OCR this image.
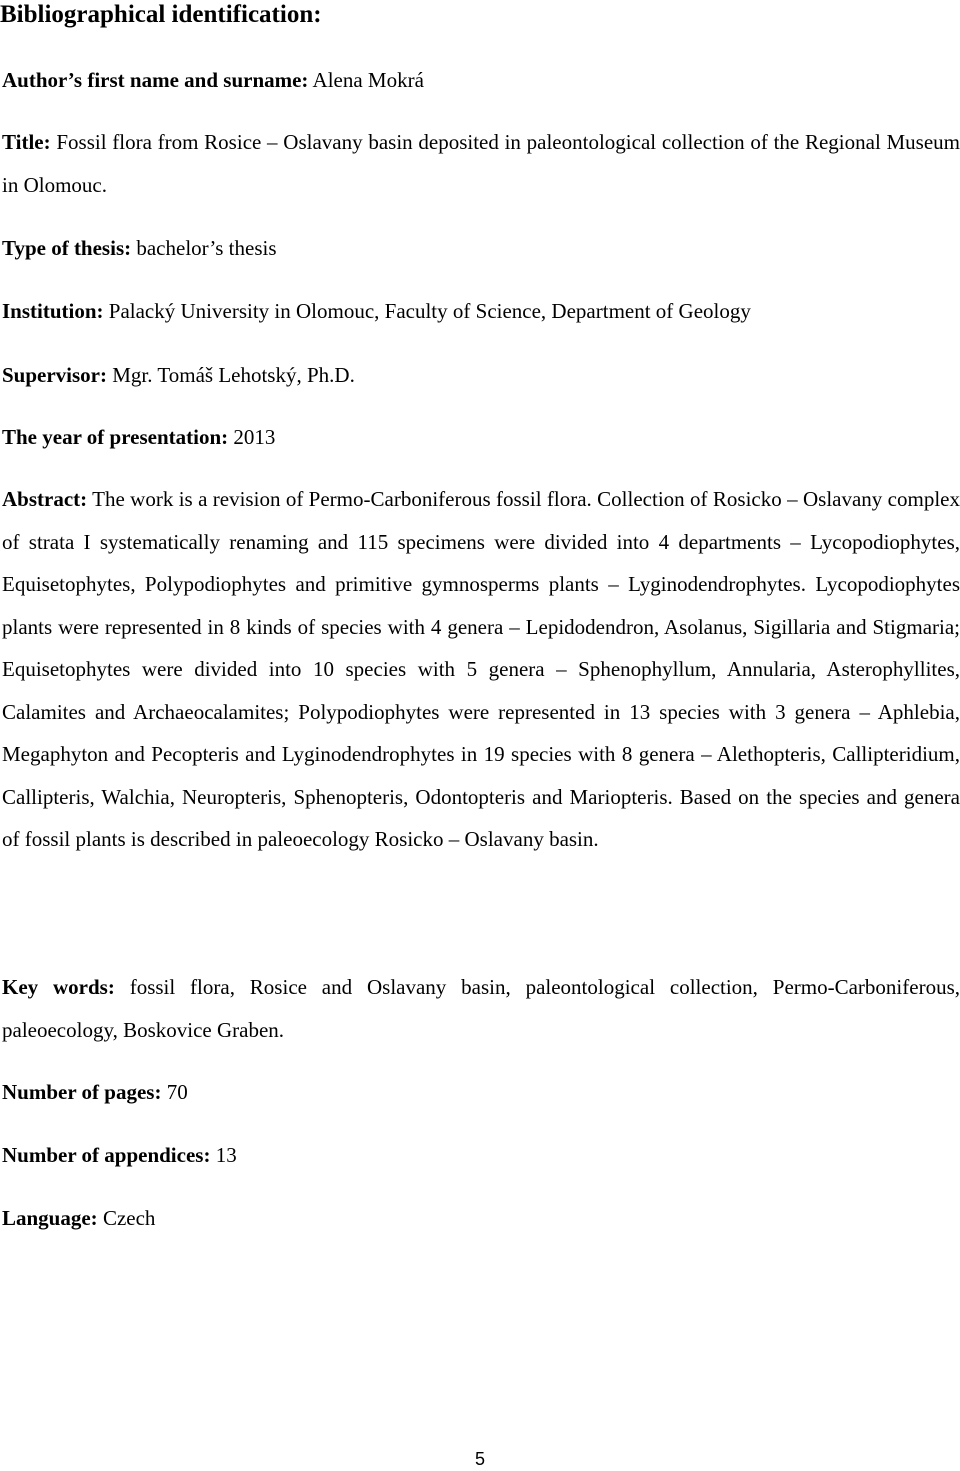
Bibliographical identification:

Author’s first name and surname: Alena Mokrá

Title: Fossil flora from Rosice – Oslavany basin deposited in paleontological collection of the Regional Museum in Olomouc.

Type of thesis: bachelor’s thesis

Institution: Palacký University in Olomouc, Faculty of Science, Department of Geology

Supervisor: Mgr. Tomáš Lehotský, Ph.D.

The year of presentation: 2013

Abstract: The work is a revision of Permo-Carboniferous fossil flora. Collection of Rosicko – Oslavany complex of strata I systematically renaming and 115 specimens were divided into 4 departments – Lycopodiophytes, Equisetophytes, Polypodiophytes and primitive gymnosperms plants – Lyginodendrophytes. Lycopodiophytes plants were represented in 8 kinds of species with 4 genera – Lepidodendron, Asolanus, Sigillaria and Stigmaria; Equisetophytes were divided into 10 species with 5 genera – Sphenophyllum, Annularia, Asterophyllites, Calamites and Archaeocalamites; Polypodiophytes were represented in 13 species with 3 genera – Aphlebia, Megaphyton and Pecopteris and Lyginodendrophytes in 19 species with 8 genera – Alethopteris, Callipteridium, Callipteris, Walchia, Neuropteris, Sphenopteris, Odontopteris and Mariopteris. Based on the species and genera of fossil plants is described in paleoecology Rosicko – Oslavany basin.

Key words: fossil flora, Rosice and Oslavany basin, paleontological collection, Permo-Carboniferous, paleoecology, Boskovice Graben.

Number of pages: 70

Number of appendices: 13

Language: Czech

5
